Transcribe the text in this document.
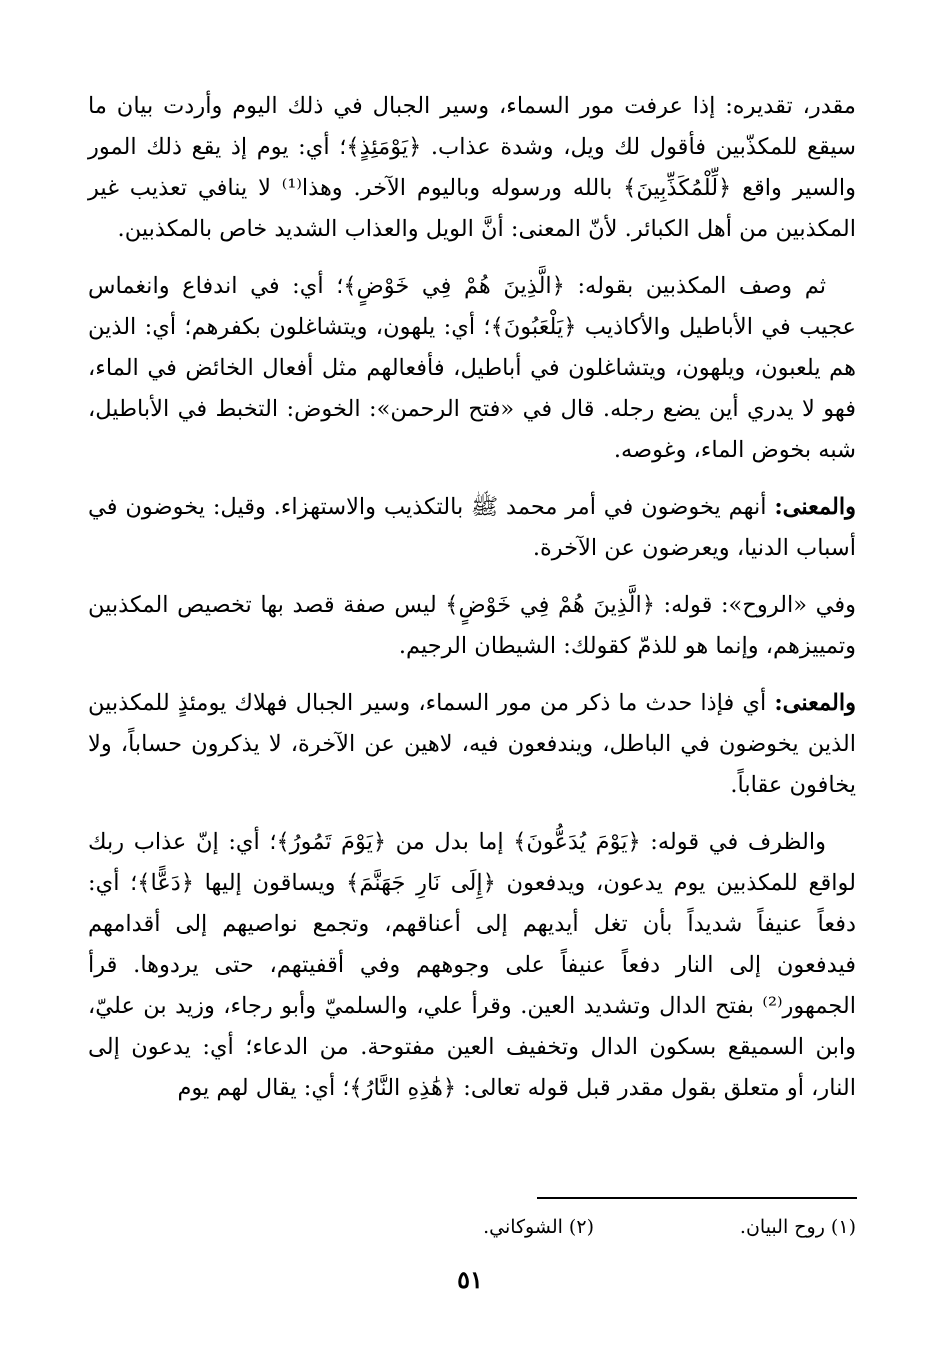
مقدر، تقديره: إذا عرفت مور السماء، وسير الجبال في ذلك اليوم وأردت بيان ما سيقع للمكذّبين فأقول لك ويل، وشدة عذاب. ﴿يَوْمَئِذٍ﴾؛ أي: يوم إذ يقع ذلك المور والسير واقع ﴿لِّلْمُكَذِّبِينَ﴾ بالله ورسوله وباليوم الآخر. وهذا⁽¹⁾ لا ينافي تعذيب غير المكذبين من أهل الكبائر. لأنّ المعنى: أنَّ الويل والعذاب الشديد خاص بالمكذبين.

ثم وصف المكذبين بقوله: ﴿الَّذِينَ هُمْ فِي خَوْضٍ﴾؛ أي: في اندفاع وانغماس عجيب في الأباطيل والأكاذيب ﴿يَلْعَبُونَ﴾؛ أي: يلهون، ويتشاغلون بكفرهم؛ أي: الذين هم يلعبون، ويلهون، ويتشاغلون في أباطيل، فأفعالهم مثل أفعال الخائض في الماء، فهو لا يدري أين يضع رجله. قال في «فتح الرحمن»: الخوض: التخبط في الأباطيل، شبه بخوض الماء، وغوصه.

والمعنى: أنهم يخوضون في أمر محمد ﷺ بالتكذيب والاستهزاء. وقيل: يخوضون في أسباب الدنيا، ويعرضون عن الآخرة.

وفي «الروح»: قوله: ﴿الَّذِينَ هُمْ فِي خَوْضٍ﴾ ليس صفة قصد بها تخصيص المكذبين وتمييزهم، وإنما هو للذمّ كقولك: الشيطان الرجيم.

والمعنى: أي فإذا حدث ما ذكر من مور السماء، وسير الجبال فهلاك يومئذٍ للمكذبين الذين يخوضون في الباطل، ويندفعون فيه، لاهين عن الآخرة، لا يذكرون حساباً، ولا يخافون عقاباً.

والظرف في قوله: ﴿يَوْمَ يُدَعُّونَ﴾ إما بدل من ﴿يَوْمَ تَمُورُ﴾؛ أي: إنّ عذاب ربك لواقع للمكذبين يوم يدعون، ويدفعون ﴿إِلَى نَارِ جَهَنَّمَ﴾ ويساقون إليها ﴿دَعًّا﴾؛ أي: دفعاً عنيفاً شديداً بأن تغل أيديهم إلى أعناقهم، وتجمع نواصيهم إلى أقدامهم فيدفعون إلى النار دفعاً عنيفاً على وجوههم وفي أقفيتهم، حتى يردوها. قرأ الجمهور⁽²⁾ بفتح الدال وتشديد العين. وقرأ علي، والسلميّ وأبو رجاء، وزيد بن عليّ، وابن السميقع بسكون الدال وتخفيف العين مفتوحة. من الدعاء؛ أي: يدعون إلى النار، أو متعلق بقول مقدر قبل قوله تعالى: ﴿هَٰذِهِ النَّارُ﴾؛ أي: يقال لهم يوم

(١) روح البيان.
(٢) الشوكاني.
٥١
